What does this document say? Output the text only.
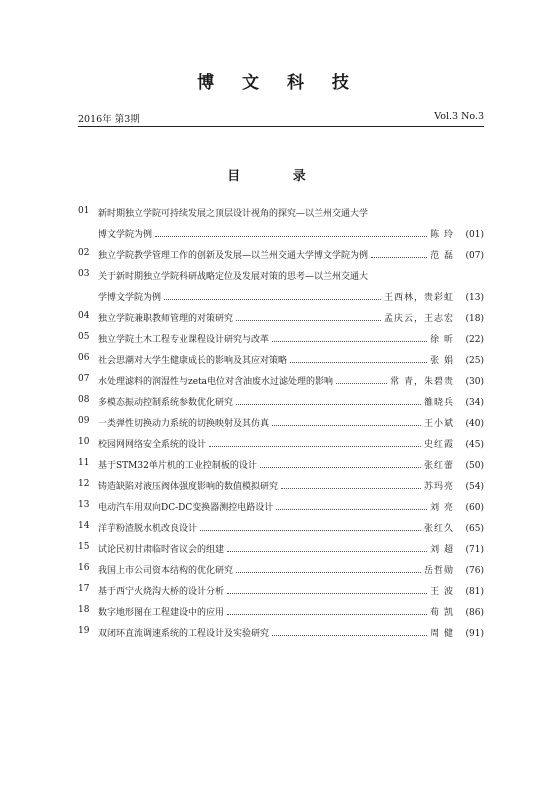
博 文 科 技
2016年 第3期	Vol.3 No.3
目 录
01 新时期独立学院可持续发展之顶层设计视角的探究—以兰州交通大学
博文学院为例	陈 玲	(01)
02 独立学院教学管理工作的创新及发展—以兰州交通大学博文学院为例	范 磊	(07)
03 关于新时期独立学院科研战略定位及发展对策的思考—以兰州交通大
学博文学院为例	王西林，贵彩虹	(13)
04 独立学院兼职教师管理的对策研究	孟庆云，王志宏	(18)
05 独立学院土木工程专业课程设计研究与改革	徐 昕	(22)
06 社会思潮对大学生健康成长的影响及其应对策略	张 娟	(25)
07 水处理滤料的润湿性与zeta电位对含油废水过滤处理的影响	常 青，朱碧贵	(30)
08 多模态振动控制系统参数优化研究	雒晓兵	(34)
09 一类弹性切换动力系统的切换映射及其仿真	王小斌	(40)
10 校园网网络安全系统的设计	史红霞	(45)
11 基于STM32单片机的工业控制板的设计	张红蕾	(50)
12 铸造缺陷对液压阀体强度影响的数值模拟研究	苏玛亮	(54)
13 电动汽车用双向DC-DC变换器测控电路设计	刘 亮	(60)
14 洋芋粉渣脱水机改良设计	张红久	(65)
15 试论民初甘肃临时省议会的组建	刘 超	(71)
16 我国上市公司资本结构的优化研究	岳哲勋	(76)
17 基于西宁火烧沟大桥的设计分析	王 波	(81)
18 数字地形图在工程建设中的应用	荀 凯	(86)
19 双闭环直流调速系统的工程设计及实验研究	周 健	(91)
